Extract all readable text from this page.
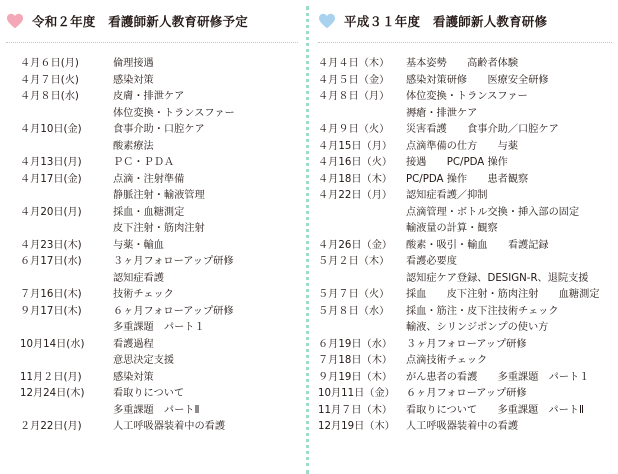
令和２年度　看護師新人教育研修予定
４月６日(月)	倫理接遇
４月７日(火)	感染対策
４月８日(水)	皮膚・排泄ケア
体位変換・トランスファー
４月10日(金)	食事介助・口腔ケア
酸素療法
４月13日(月)	ＰＣ・ＰＤＡ
４月17日(金)	点滴・注射準備
静脈注射・輸液管理
４月20日(月)	採血・血糖測定
皮下注射・筋肉注射
４月23日(木)	与薬・輸血
６月17日(水)	３ヶ月フォローアップ研修
認知症看護
７月16日(木)	技術チェック
９月17日(木)	６ヶ月フォローアップ研修
多重課題　パート１
10月14日(水)	看護過程
意思決定支援
11月２日(月)	感染対策
12月24日(木)	看取りについて
多重課題　パートⅡ
２月22日(月)	人工呼吸器装着中の看護
平成３１年度　看護師新人教育研修
４月４日（木） 基本姿勢　　高齢者体験
４月５日（金） 感染対策研修　　医療安全研修
４月８日（月） 体位変換・トランスファー
褥瘡・排泄ケア
４月９日（火） 災害看護　　食事介助／口腔ケア
４月15日（月） 点滴準備の仕方　　与薬
４月16日（火） 接遇　　PC/PDA 操作
４月18日（木） PC/PDA 操作　　患者観察
４月22日（月） 認知症看護／抑制
点滴管理・ボトル交換・挿入部の固定
輸液量の計算・観察
４月26日（金） 酸素・吸引・輸血　　看護記録
５月２日（木） 看護必要度
認知症ケア登録、DESIGN-R、退院支援
５月７日（火） 採血　　皮下注射・筋肉注射　　血糖測定
５月８日（水） 採血・筋注・皮下注技術チェック
輸液、シリンジポンプの使い方
６月19日（水） ３ヶ月フォローアップ研修
７月18日（木） 点滴技術チェック
９月19日（木） がん患者の看護　　多重課題　パート１
10月11日（金） ６ヶ月フォローアップ研修
11月７日（木） 看取りについて　　多重課題　パートⅡ
12月19日（木） 人工呼吸器装着中の看護
